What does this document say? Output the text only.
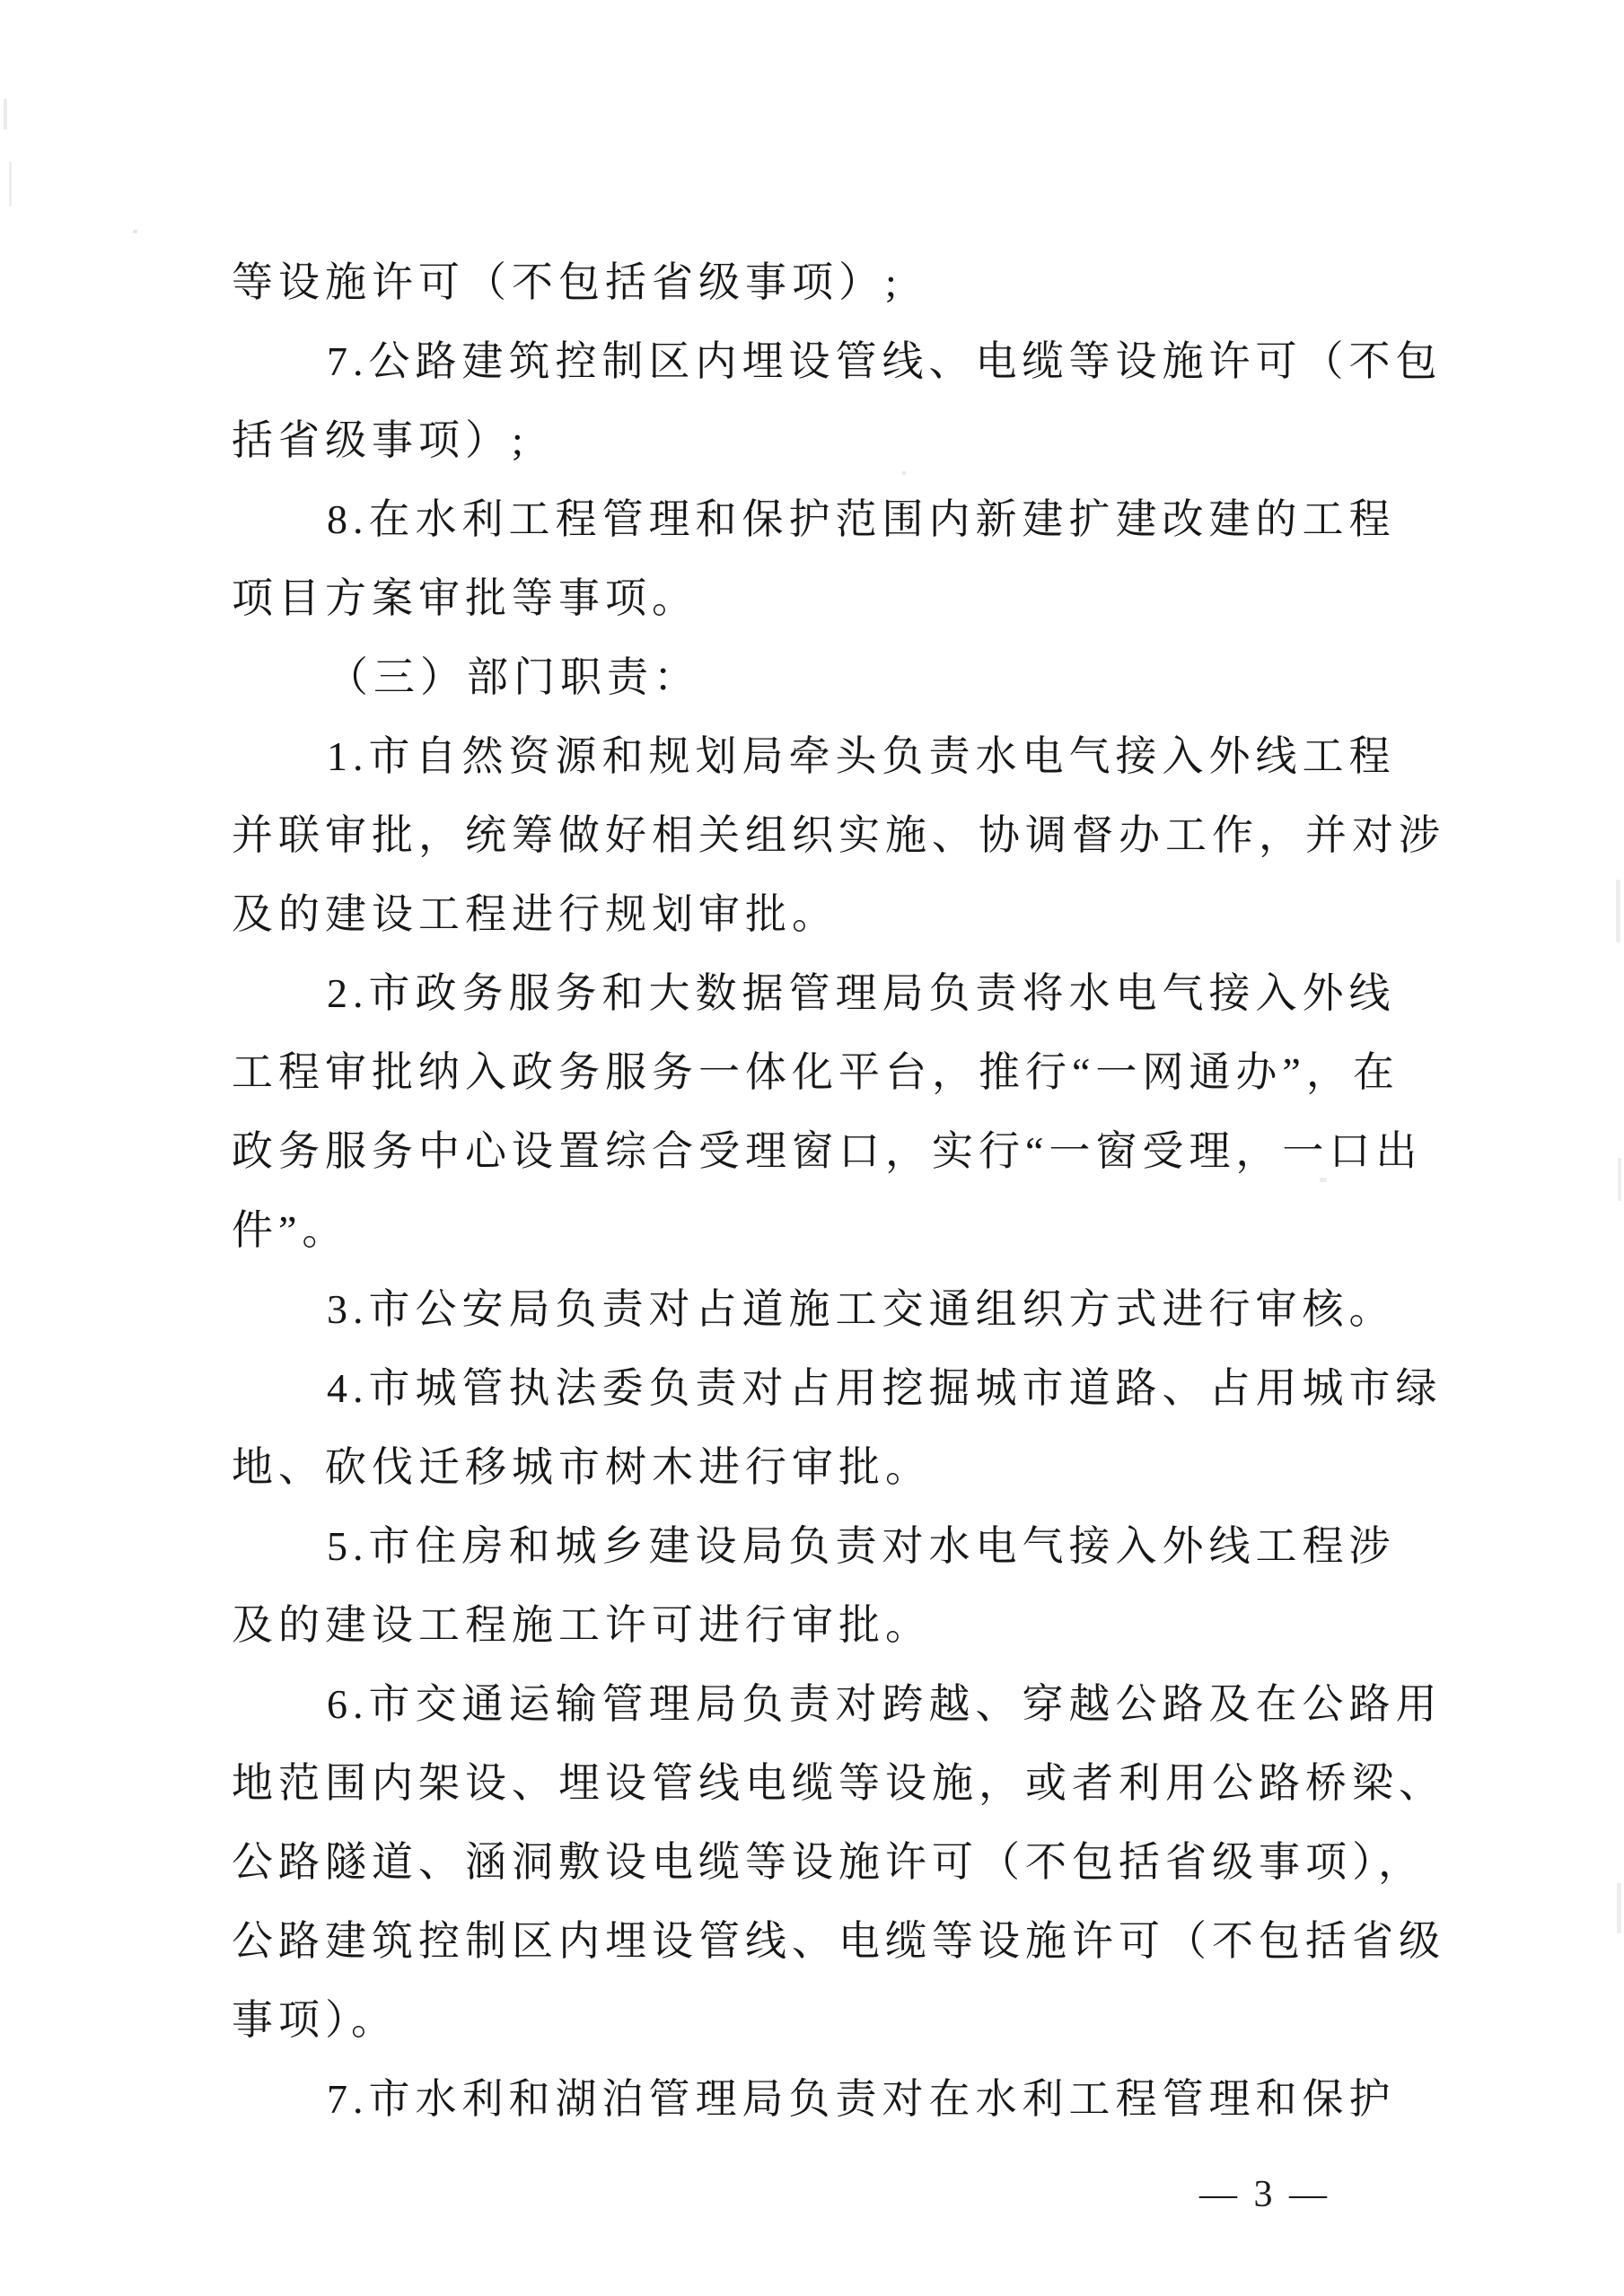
等设施许可（不包括省级事项）;
7.公路建筑控制区内埋设管线、电缆等设施许可（不包
括省级事项）;
8.在水利工程管理和保护范围内新建扩建改建的工程
项目方案审批等事项。
（三）部门职责：
1.市自然资源和规划局牵头负责水电气接入外线工程
并联审批，统筹做好相关组织实施、协调督办工作，并对涉
及的建设工程进行规划审批。
2.市政务服务和大数据管理局负责将水电气接入外线
工程审批纳入政务服务一体化平台，推行“一网通办”，在
政务服务中心设置综合受理窗口，实行“一窗受理，一口出
件”。
3.市公安局负责对占道施工交通组织方式进行审核。
4.市城管执法委负责对占用挖掘城市道路、占用城市绿
地、砍伐迁移城市树木进行审批。
5.市住房和城乡建设局负责对水电气接入外线工程涉
及的建设工程施工许可进行审批。
6.市交通运输管理局负责对跨越、穿越公路及在公路用
地范围内架设、埋设管线电缆等设施，或者利用公路桥梁、
公路隧道、涵洞敷设电缆等设施许可（不包括省级事项），
公路建筑控制区内埋设管线、电缆等设施许可（不包括省级
事项）。
7.市水利和湖泊管理局负责对在水利工程管理和保护
— 3 —
